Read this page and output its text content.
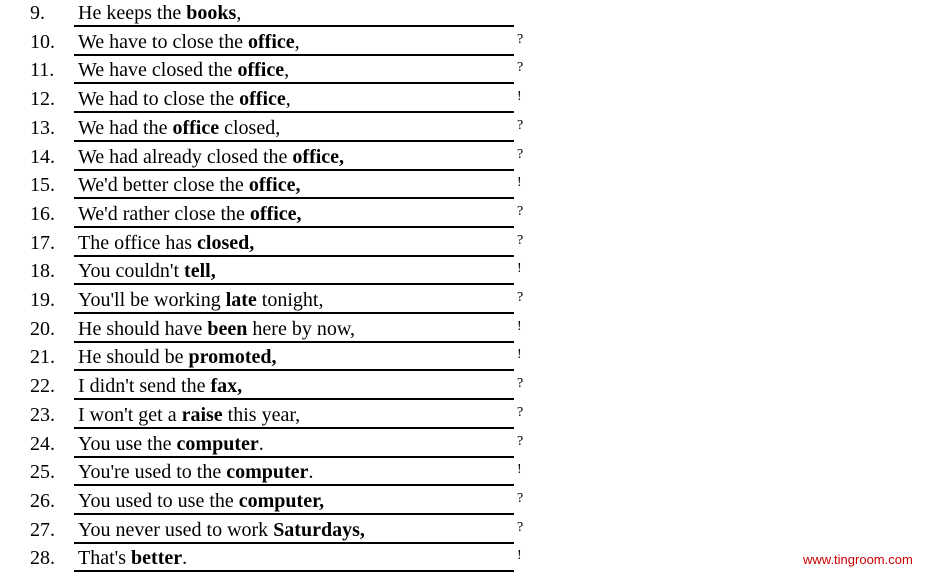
9. He keeps the books,
10. We have to close the office,	?
11. We have closed the office,	?
12. We had to close the office,	!
13. We had the office closed,	?
14. We had already closed the office,	?
15. We'd better close the office,	!
16. We'd rather close the office,	?
17. The office has closed,	?
18. You couldn't tell,	!
19. You'll be working late tonight,	?
20. He should have been here by now,	!
21. He should be promoted,	!
22. I didn't send the fax,	?
23. I won't get a raise this year,	?
24. You use the computer.	?
25. You're used to the computer.	!
26. You used to use the computer,	?
27. You never used to work Saturdays,	?
28. That's better.	!	www.tingroom.com
